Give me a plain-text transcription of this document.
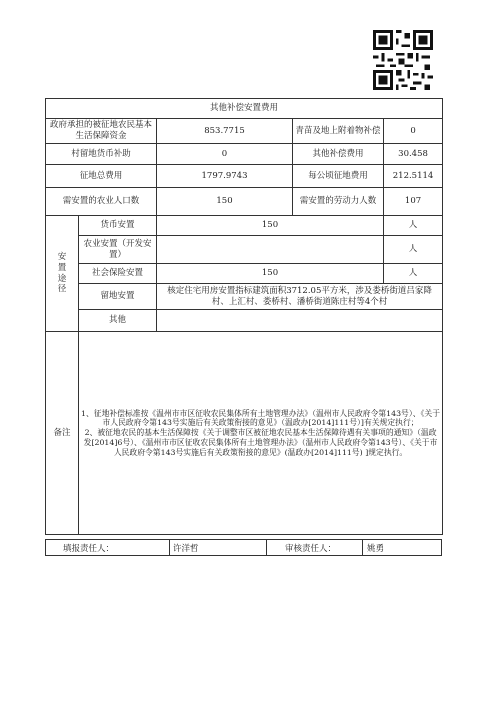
其他补偿安置费用				
政府承担的被征地农民基本生活保障资金		853.7715	青苗及地上附着物补偿	0
村留地货币补助		0	其他补偿费用	30.458
征地总费用		1797.9743	每公顷征地费用	212.5114
需安置的农业人口数		150	需安置的劳动力人数	107
安
置
途
径	货币安置	150		人
	农业安置（开发安置）			人
	社会保险安置	150		人
	留地安置	核定住宅用房安置指标建筑面积3712.05平方米，涉及娄桥街道吕家降村、上汇村、娄桥村、潘桥街道陈庄村等4个村		
	其他			
备注	1、征地补偿标准按《温州市市区征收农民集体所有土地管理办法》（温州市人民政府令第143号）、《关于市人民政府令第143号实施后有关政策衔接的意见》（温政办[2014]111号）]有关规定执行；
2、被征地农民的基本生活保障按《关于调整市区被征地农民基本生活保障待遇有关事项的通知》（温政发[2014]6号）、《温州市市区征收农民集体所有土地管理办法》（温州市人民政府令第143号）、《关于市人民政府令第143号实施后有关政策衔接的意见》(温政办[2014]111号) ]规定执行。			
填报责任人：	许洋哲	审核责任人：	姚勇
